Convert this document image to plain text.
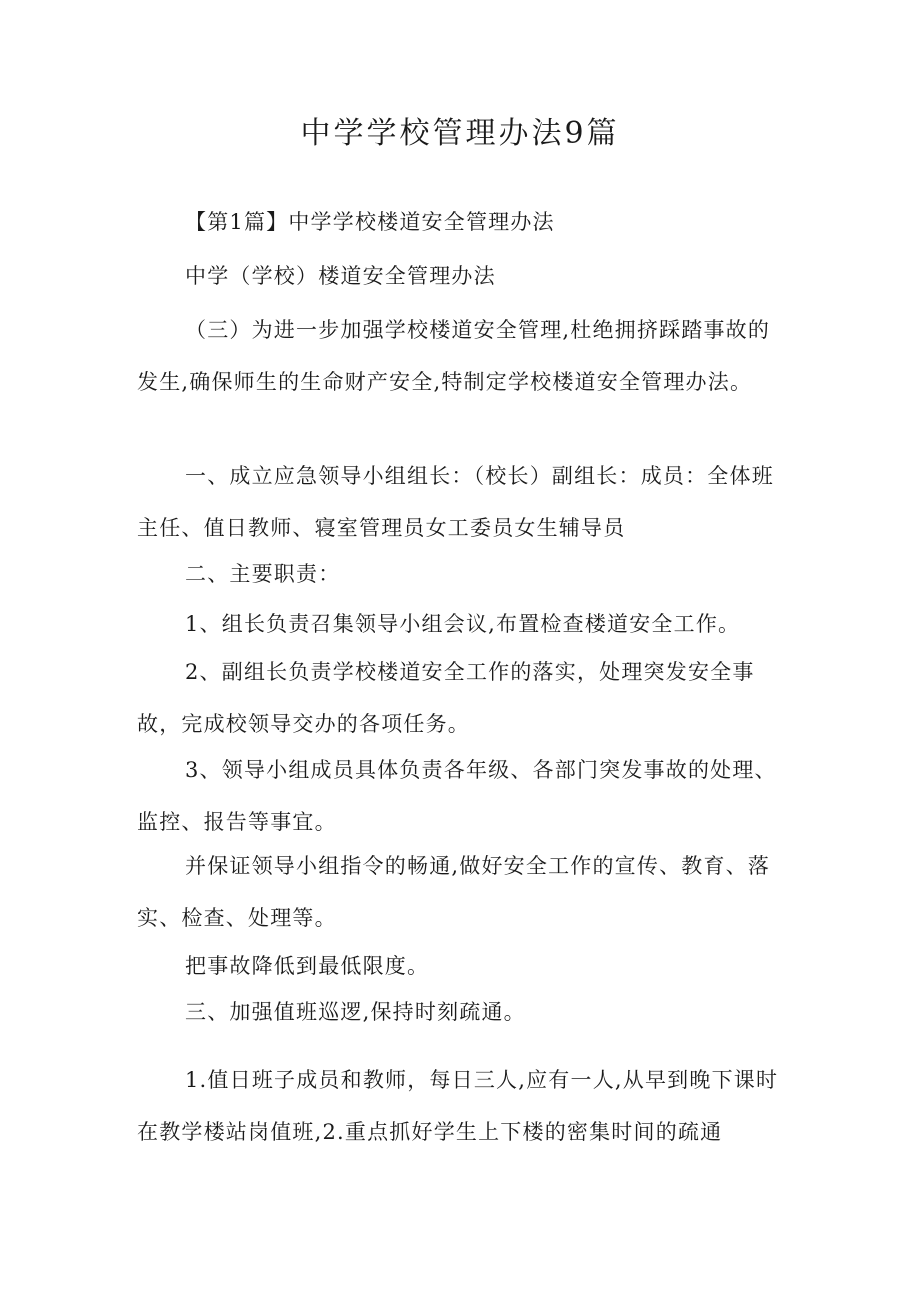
中学学校管理办法9篇

【第1篇】中学学校楼道安全管理办法

中学（学校）楼道安全管理办法

（三）为进一步加强学校楼道安全管理,杜绝拥挤踩踏事故的发生,确保师生的生命财产安全,特制定学校楼道安全管理办法。

一、成立应急领导小组组长：（校长）副组长：成员：全体班主任、值日教师、寝室管理员女工委员女生辅导员

二、主要职责：

1、组长负责召集领导小组会议,布置检查楼道安全工作。

2、副组长负责学校楼道安全工作的落实，处理突发安全事故，完成校领导交办的各项任务。

3、领导小组成员具体负责各年级、各部门突发事故的处理、监控、报告等事宜。

并保证领导小组指令的畅通,做好安全工作的宣传、教育、落实、检查、处理等。

把事故降低到最低限度。

三、加强值班巡逻,保持时刻疏通。

1.值日班子成员和教师，每日三人,应有一人,从早到晚下课时在教学楼站岗值班,2.重点抓好学生上下楼的密集时间的疏通
